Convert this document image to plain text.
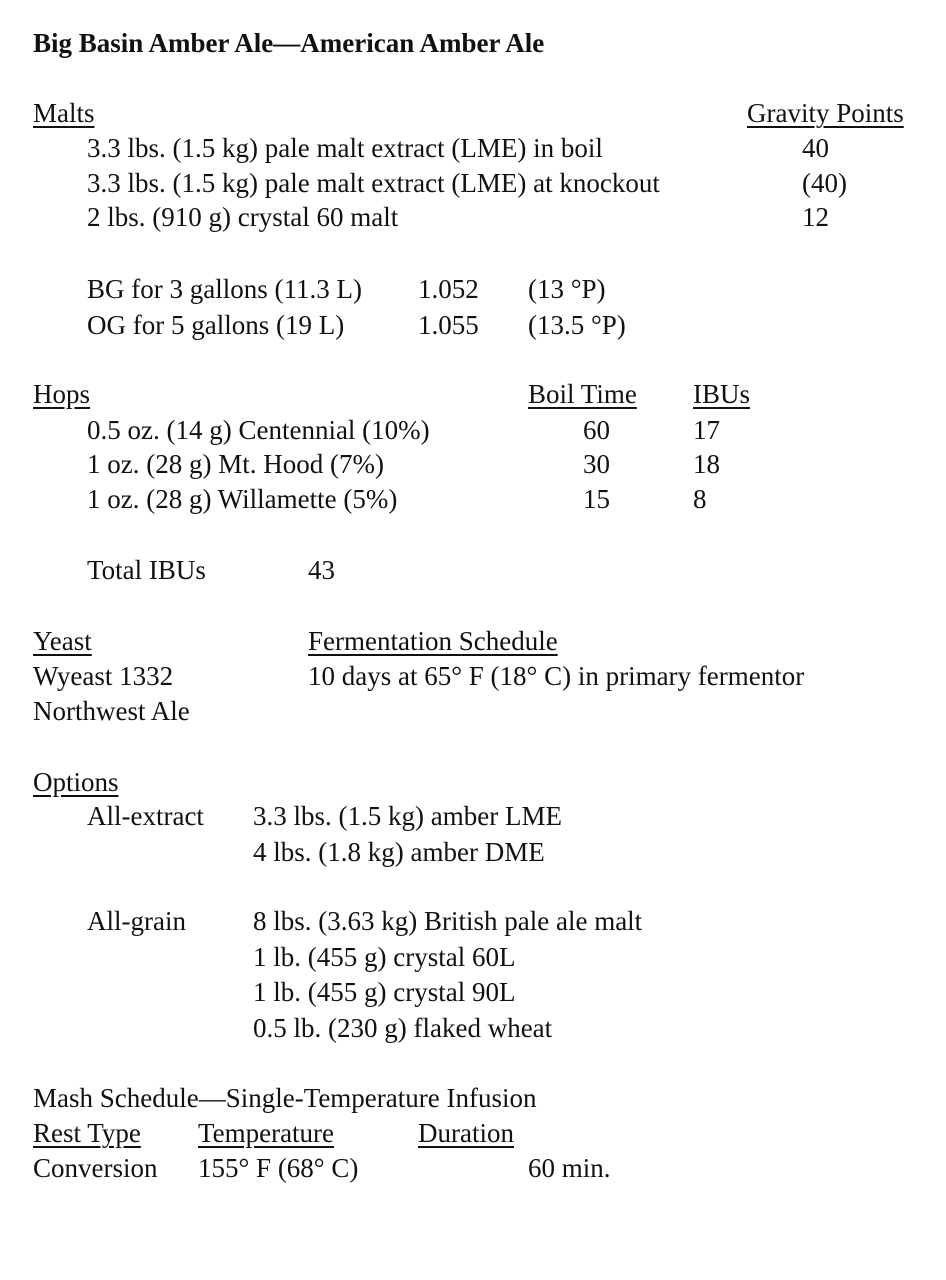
Big Basin Amber Ale—American Amber Ale
Malts	Gravity Points
3.3 lbs. (1.5 kg) pale malt extract (LME) in boil	40
3.3 lbs. (1.5 kg) pale malt extract (LME) at knockout	(40)
2 lbs. (910 g) crystal 60 malt	12
BG for 3 gallons (11.3 L) 1.052 (13 °P)
OG for 5 gallons (19 L)	1.055 (13.5 °P)
Hops	Boil Time IBUs
0.5 oz. (14 g) Centennial (10%)	60	17
1 oz. (28 g) Mt. Hood (7%)	30	18
1 oz. (28 g) Willamette (5%)	15	8
Total IBUs	43
Yeast	Fermentation Schedule
Wyeast 1332	10 days at 65° F (18° C) in primary fermentor
Northwest Ale
Options
All-extract 3.3 lbs. (1.5 kg) amber LME
4 lbs. (1.8 kg) amber DME
All-grain 8 lbs. (3.63 kg) British pale ale malt
1 lb. (455 g) crystal 60L
1 lb. (455 g) crystal 90L
0.5 lb. (230 g) flaked wheat
Mash Schedule—Single-Temperature Infusion
Rest Type Temperature	Duration
Conversion 155° F (68° C)	60 min.
